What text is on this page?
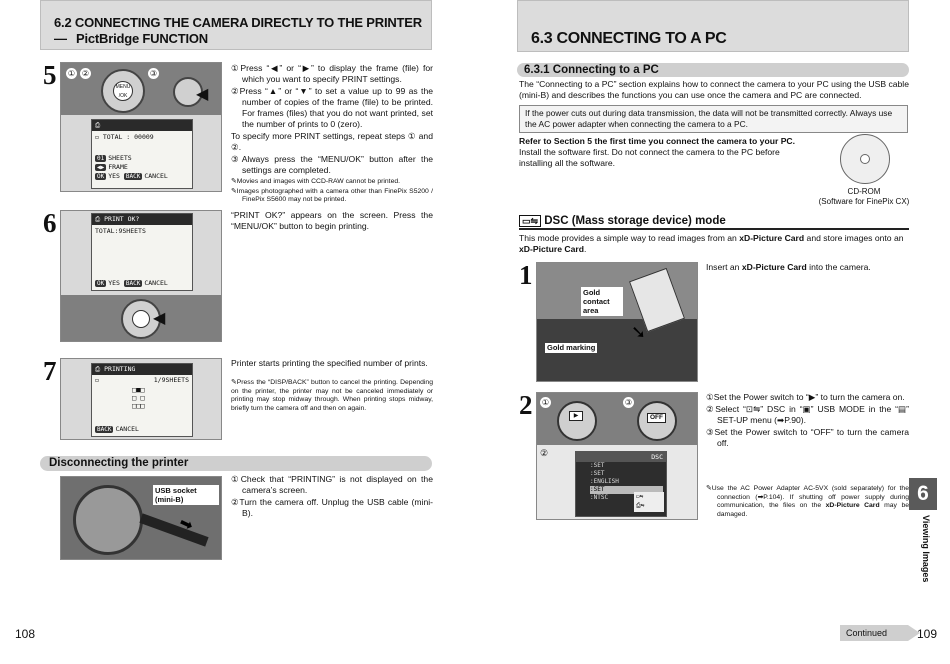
6.2 CONNECTING THE CAMERA DIRECTLY TO THE PRINTER — PictBridge FUNCTION
5	MENU
/OK	◀
① ②	③
⎙
▭ TOTAL : 00009
01 SHEETS
◀▶ FRAME
OK YES BACK CANCEL

①Press “◀” or “▶” to display the frame (file) for which you want to specify PRINT settings.

②Press “▲” or “▼” to set a value up to 99 as the number of copies of the frame (file) to be printed. For frames (files) that you do not want printed, set the number of prints to 0 (zero).

To specify more PRINT settings, repeat steps ① and ②.

③Always press the “MENU/OK” button after the settings are completed.

✎Movies and images with CCD-RAW cannot be printed.

✎Images photographed with a camera other than FinePix S5200 / FinePix S5600 may not be printed.

6	⎙ PRINT OK?
TOTAL:9SHEETS
OK YES BACK CANCEL
◀
“PRINT OK?” appears on the screen. Press the “MENU/OK” button to begin printing.
7	⎙ PRINTING
▭	1/9SHEETS
□■□
□ □
□□□
BACK CANCEL

Printer starts printing the specified number of prints.

✎Press the “DISP/BACK” button to cancel the printing. Depending on the printer, the printer may not be canceled immediately or printing may stop midway through. When printing stops midway, briefly turn the camera off and then on again.

Disconnecting the printer
➡
USB socket (mini-B)

①Check that “PRINTING” is not displayed on the camera’s screen.

②Turn the camera off. Unplug the USB cable (mini-B).

108
6.3 CONNECTING TO A PC
6.3.1 Connecting to a PC
The “Connecting to a PC” section explains how to connect the camera to your PC using the USB cable (mini-B) and describes the functions you can use once the camera and PC are connected.
If the power cuts out during data transmission, the data will not be transmitted correctly. Always use the AC power adapter when connecting the camera to a PC.
Refer to Section 5 the first time you connect the camera to your PC.
Install the software first. Do not connect the camera to the PC before installing all the software.
CD-ROM
(Software for FinePix CX)
▭⇋ DSC (Mass storage device) mode
This mode provides a simple way to read images from an xD-Picture Card and store images onto an xD-Picture Card.
1
➘
Gold contact area
Gold marking
Insert an xD-Picture Card into the camera.
2	▶	OFF
①	③
②	DSC
:SET
:SET
:ENGLISH
:SET
:NTSC	▭⇋
⎙⇋

①Set the Power switch to “▶” to turn the camera on.

②Select “⊡⇋” DSC in “▣” USB MODE in the “▤” SET-UP menu (➡P.90).

③Set the Power switch to “OFF” to turn the camera off.

✎Use the AC Power Adapter AC-5VX (sold separately) for the connection (➡P.104). If shutting off power supply during communication, the files on the xD-Picture Card may be damaged.

6
Viewing Images
Continued	109
